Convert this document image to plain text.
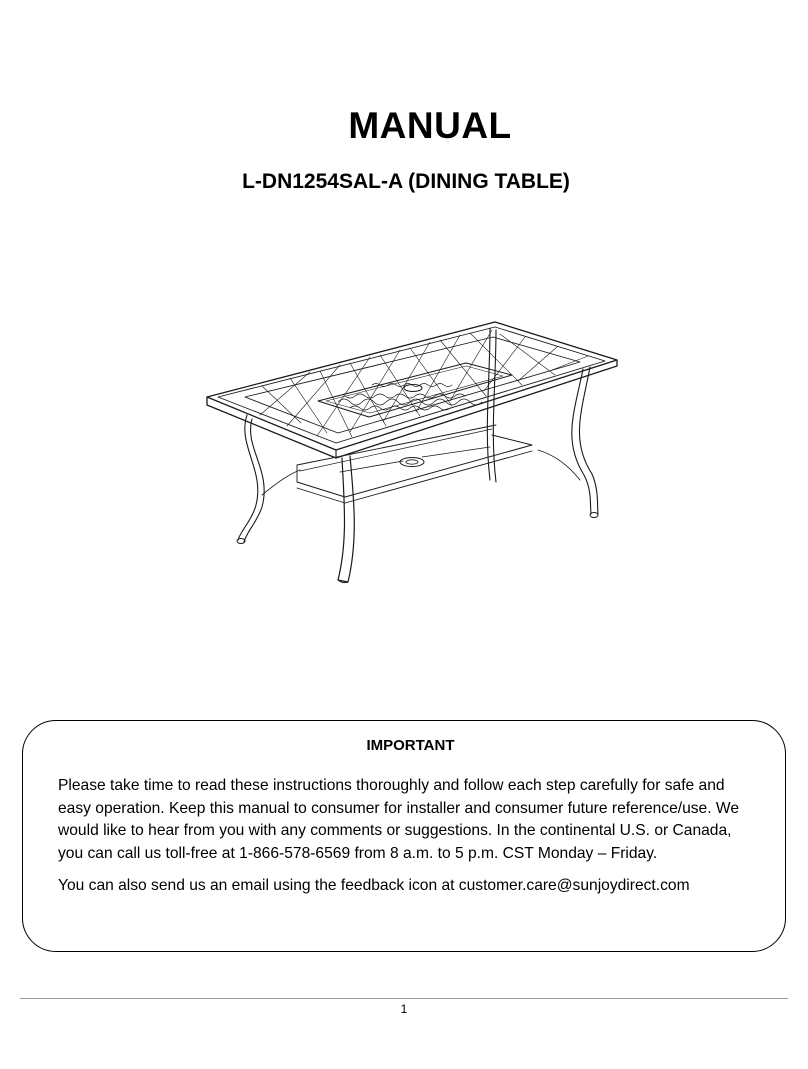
MANUAL
L-DN1254SAL-A (DINING TABLE)
IMPORTANT

Please take time to read these instructions thoroughly and follow each step carefully for safe and easy operation. Keep this manual to consumer for installer and consumer future reference/use. We would like to hear from you with any comments or suggestions. In the continental U.S. or Canada, you can call us toll-free at 1-866-578-6569 from 8 a.m. to 5 p.m. CST Monday – Friday.

You can also send us an email using the feedback icon at customer.care@sunjoydirect.com

1
